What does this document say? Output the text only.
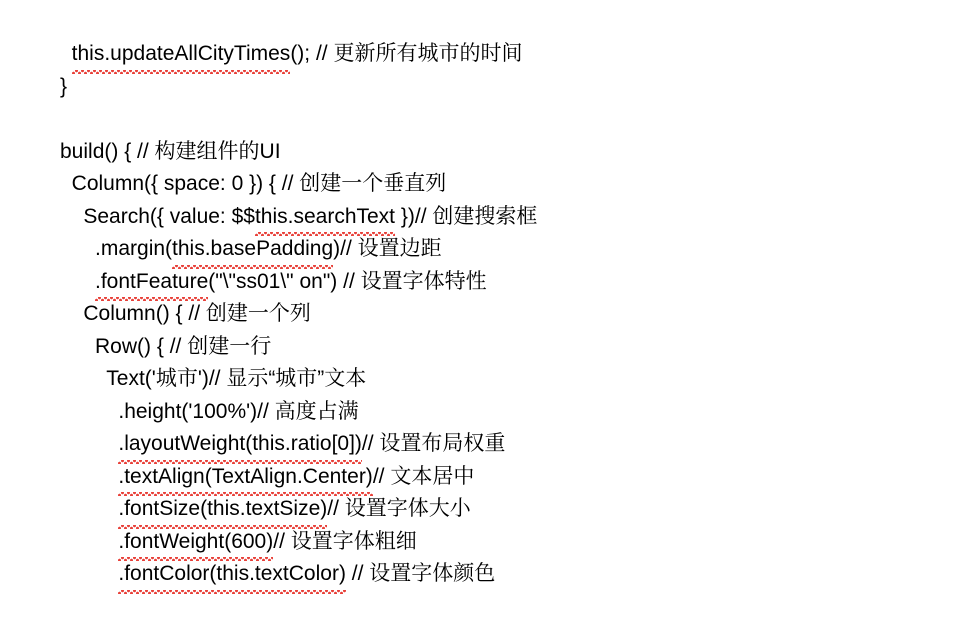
this.updateAllCityTimes(); // 更新所有城市的时间
}

build() { // 构建组件的UI
Column({ space: 0 }) { // 创建一个垂直列
Search({ value: $$this.searchText })// 创建搜索框
.margin(this.basePadding)// 设置边距
.fontFeature("\"ss01\" on") // 设置字体特性
Column() { // 创建一个列
Row() { // 创建一行
Text('城市')// 显示“城市”文本
.height('100%')// 高度占满
.layoutWeight(this.ratio[0])// 设置布局权重
.textAlign(TextAlign.Center)// 文本居中
.fontSize(this.textSize)// 设置字体大小
.fontWeight(600)// 设置字体粗细
.fontColor(this.textColor) // 设置字体颜色
